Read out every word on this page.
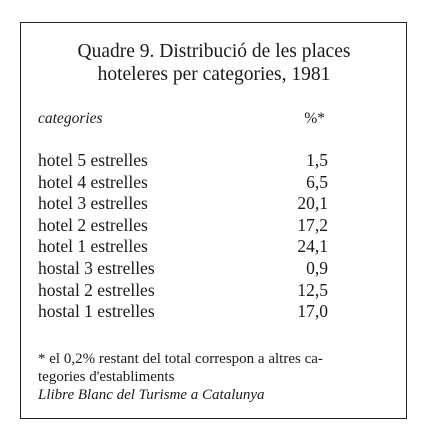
Quadre 9. Distribució de les places
hoteleres per categories, 1981
categories	%*
hotel 5 estrelles	1,5
hotel 4 estrelles	6,5
hotel 3 estrelles	20,1
hotel 2 estrelles	17,2
hotel 1 estrelles	24,1
hostal 3 estrelles	0,9
hostal 2 estrelles	12,5
hostal 1 estrelles	17,0
* el 0,2% restant del total correspon a altres ca-
tegories d'establiments
Llibre Blanc del Turisme a Catalunya
